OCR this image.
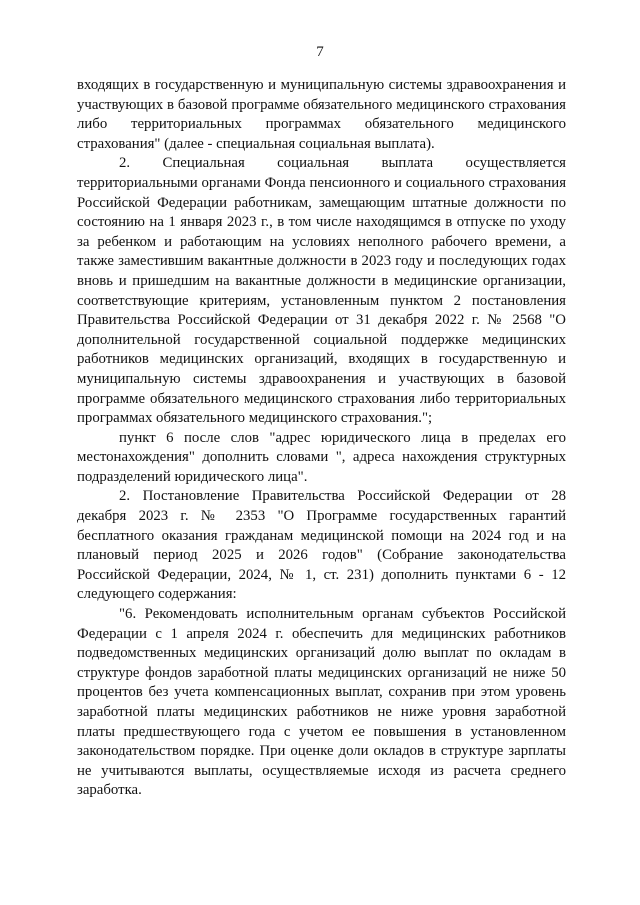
7

входящих в государственную и муниципальную системы здравоохранения и участвующих в базовой программе обязательного медицинского страхования либо территориальных программах обязательного медицинского страхования" (далее - специальная социальная выплата).

2. Специальная социальная выплата осуществляется территориальными органами Фонда пенсионного и социального страхования Российской Федерации работникам, замещающим штатные должности по состоянию на 1 января 2023 г., в том числе находящимся в отпуске по уходу за ребенком и работающим на условиях неполного рабочего времени, а также заместившим вакантные должности в 2023 году и последующих годах вновь и пришедшим на вакантные должности в медицинские организации, соответствующие критериям, установленным пунктом 2 постановления Правительства Российской Федерации от 31 декабря 2022 г. № 2568 "О дополнительной государственной социальной поддержке медицинских работников медицинских организаций, входящих в государственную и муниципальную системы здравоохранения и участвующих в базовой программе обязательного медицинского страхования либо территориальных программах обязательного медицинского страхования.";

пункт 6 после слов "адрес юридического лица в пределах его местонахождения" дополнить словами ", адреса нахождения структурных подразделений юридического лица".

2. Постановление Правительства Российской Федерации от 28 декабря 2023 г. № 2353 "О Программе государственных гарантий бесплатного оказания гражданам медицинской помощи на 2024 год и на плановый период 2025 и 2026 годов" (Собрание законодательства Российской Федерации, 2024, № 1, ст. 231) дополнить пунктами 6 - 12 следующего содержания:

"6. Рекомендовать исполнительным органам субъектов Российской Федерации с 1 апреля 2024 г. обеспечить для медицинских работников подведомственных медицинских организаций долю выплат по окладам в структуре фондов заработной платы медицинских организаций не ниже 50 процентов без учета компенсационных выплат, сохранив при этом уровень заработной платы медицинских работников не ниже уровня заработной платы предшествующего года с учетом ее повышения в установленном законодательством порядке. При оценке доли окладов в структуре зарплаты не учитываются выплаты, осуществляемые исходя из расчета среднего заработка.
